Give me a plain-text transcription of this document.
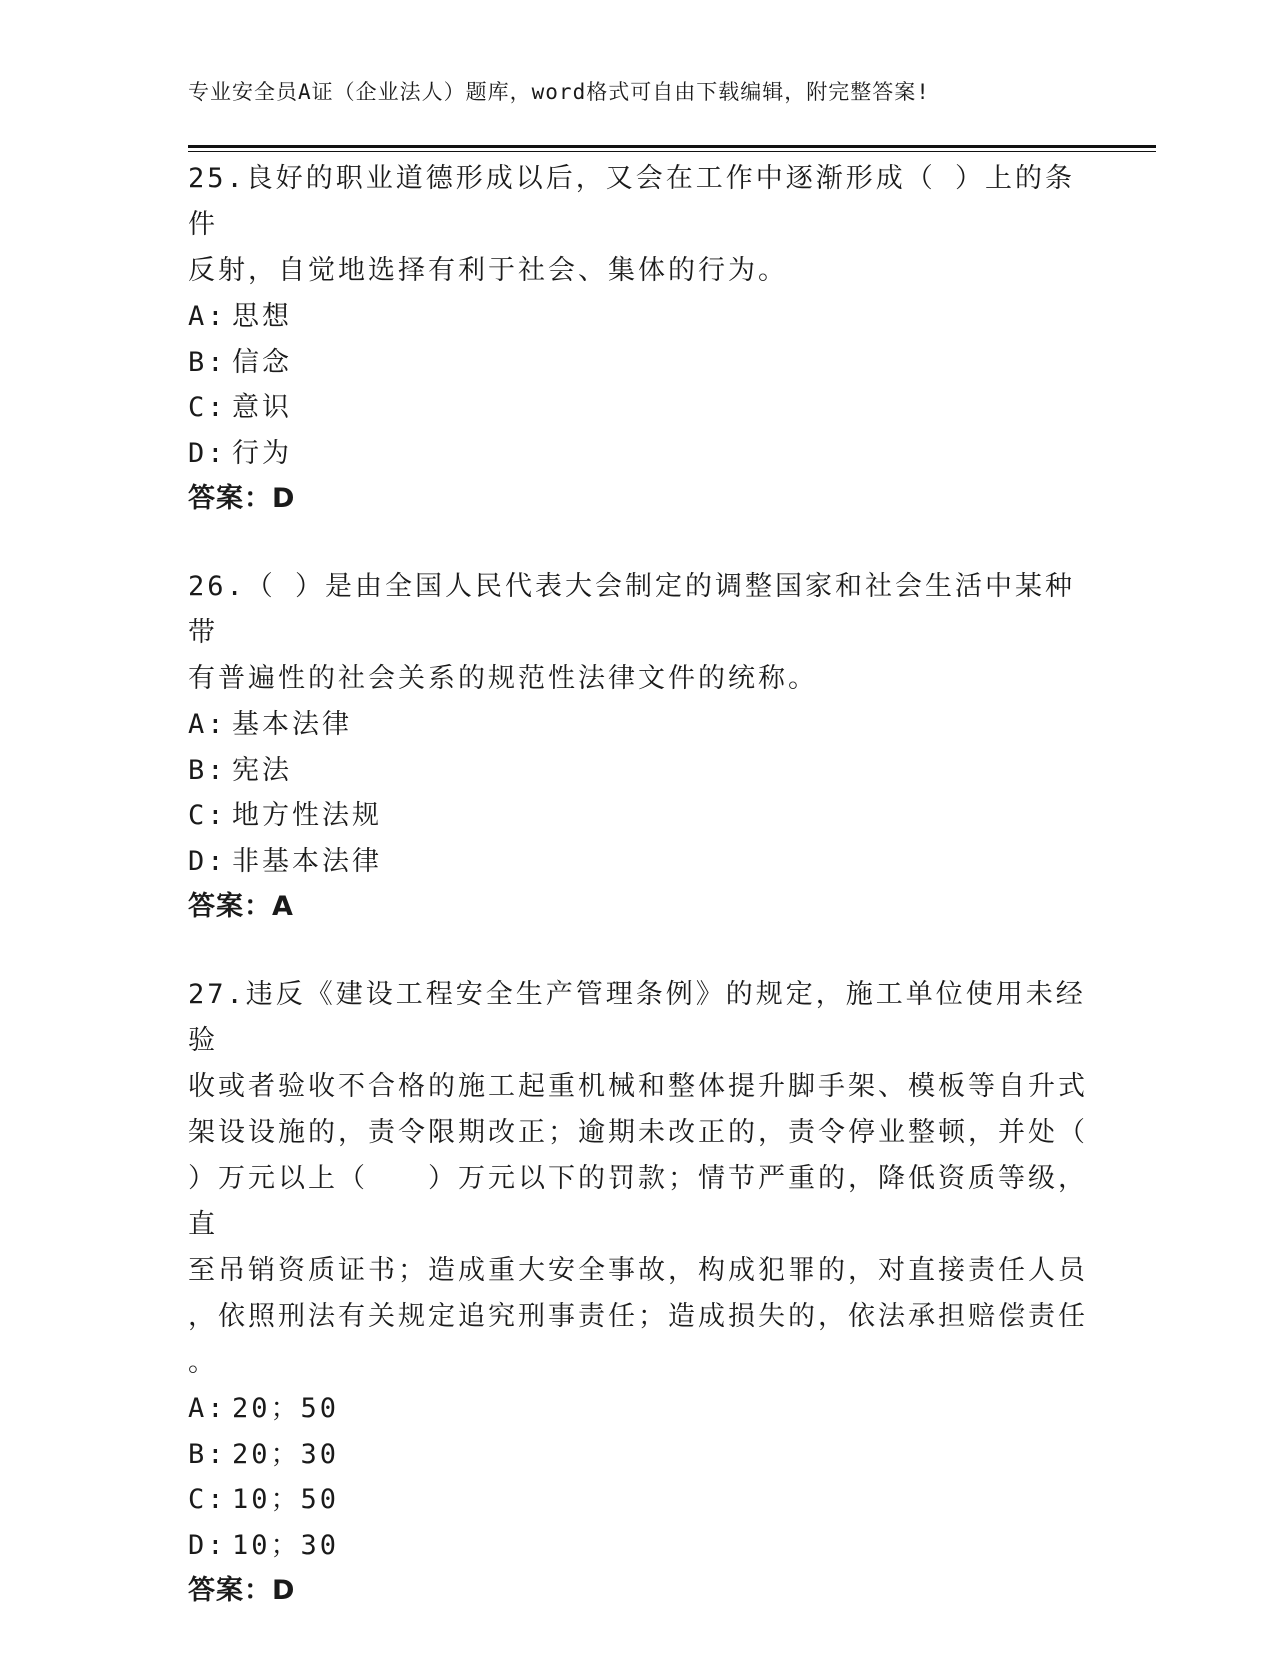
专业安全员A证（企业法人）题库，word格式可自由下载编辑，附完整答案!

25.良好的职业道德形成以后，又会在工作中逐渐形成（ ）上的条件

反射，自觉地选择有利于社会、集体的行为。

A: 思想

B: 信念

C: 意识

D: 行为

答案：D

26.（ ）是由全国人民代表大会制定的调整国家和社会生活中某种带

有普遍性的社会关系的规范性法律文件的统称。

A: 基本法律

B: 宪法

C: 地方性法规

D: 非基本法律

答案：A

27.违反《建设工程安全生产管理条例》的规定，施工单位使用未经验

收或者验收不合格的施工起重机械和整体提升脚手架、模板等自升式

架设设施的，责令限期改正；逾期未改正的，责令停业整顿，并处（

）万元以上（　　）万元以下的罚款；情节严重的，降低资质等级，直

至吊销资质证书；造成重大安全事故，构成犯罪的，对直接责任人员

，依照刑法有关规定追究刑事责任；造成损失的，依法承担赔偿责任

。

A: 20；50

B: 20；30

C: 10；50

D: 10；30

答案：D
